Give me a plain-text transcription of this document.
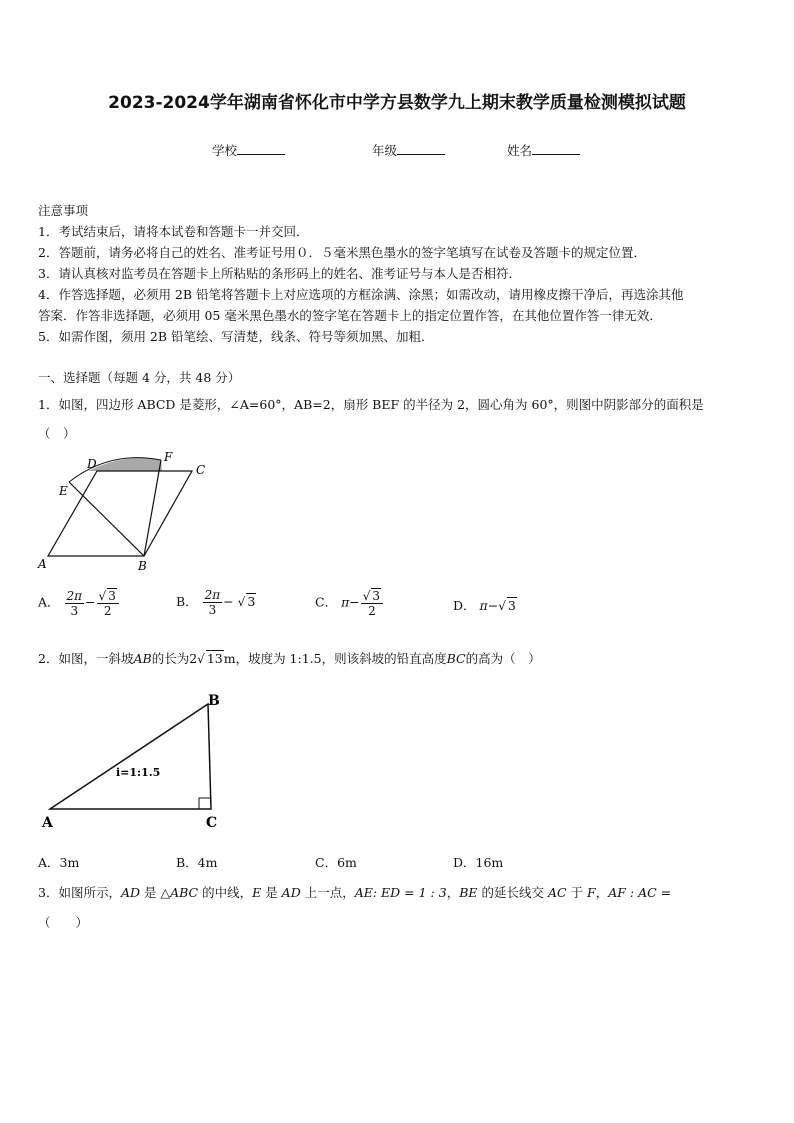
2023-2024学年湖南省怀化市中学方县数学九上期末教学质量检测模拟试题
学校	年级	姓名
注意事项
1．考试结束后，请将本试卷和答题卡一并交回．
2．答题前，请务必将自己的姓名、准考证号用０．５毫米黑色墨水的签字笔填写在试卷及答题卡的规定位置．
3．请认真核对监考员在答题卡上所粘贴的条形码上的姓名、准考证号与本人是否相符．
4．作答选择题，必须用 2B 铅笔将答题卡上对应选项的方框涂满、涂黑；如需改动，请用橡皮擦干净后，再选涂其他
答案．作答非选择题，必须用 05 毫米黑色墨水的签字笔在答题卡上的指定位置作答，在其他位置作答一律无效．
5．如需作图，须用 2B 铅笔绘、写清楚，线条、符号等须加黑、加粗．
一、选择题（每题 4 分，共 48 分）
1．如图，四边形 ABCD 是菱形，∠A=60°，AB=2，扇形 BEF 的半径为 2，圆心角为 60°，则图中阴影部分的面积是
（　）
A	B
C
D
E
F
A． $\frac{2\pi}{3} - \frac{√ 3}{2}$	B． $\frac{2\pi}{3}$ − √ 3	C． $\pi- \frac{√ 3}{2}$	D． π−√ 3
2．如图，一斜坡AB的长为2√ 13m，坡度为 1:1.5，则该斜坡的铅直高度BC的高为（　）
A
B
C
i=1:1.5
A．3m	B．4m	C．6m	D．16m
3．如图所示，AD 是 △ABC 的中线，E 是 AD 上一点，AE: ED = 1 : 3，BE 的延长线交 AC 于 F，AF : AC =
（　　）
